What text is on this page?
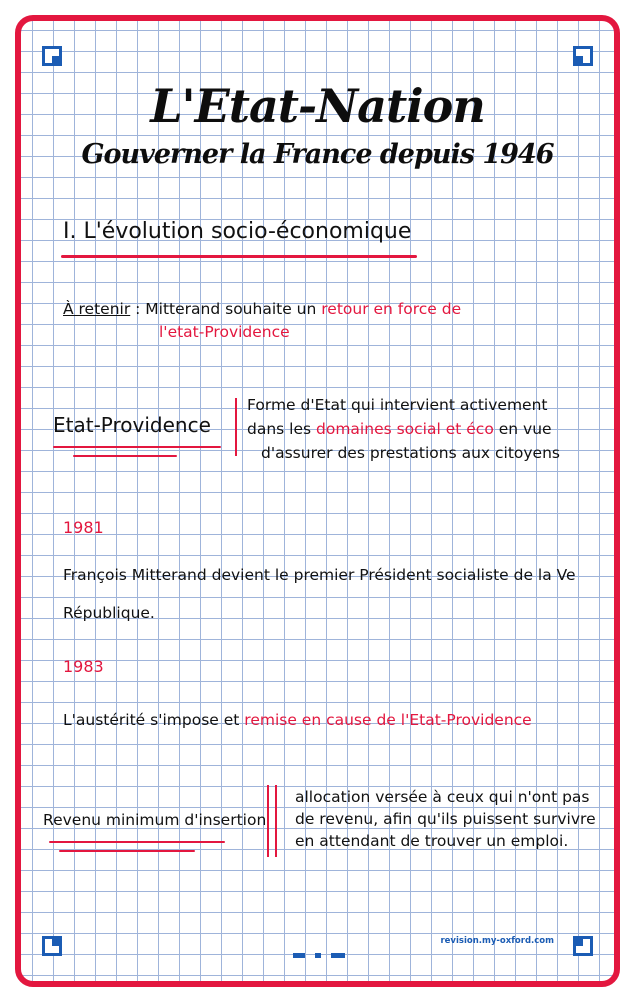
L'Etat-Nation
Gouverner la France depuis 1946
I. L'évolution socio-économique
À retenir : Mitterand souhaite un retour en force de
l'etat-Providence
Etat-Providence
Forme d'Etat qui intervient activement
dans les domaines social et éco en vue
d'assurer des prestations aux citoyens
1981
François Mitterand devient le premier Président socialiste de la Ve République.
1983
L'austérité s'impose et remise en cause de l'Etat-Providence
Revenu minimum d'insertion
allocation versée à ceux qui n'ont pas de revenu, afin qu'ils puissent survivre en attendant de trouver un emploi.
revision.my-oxford.com
